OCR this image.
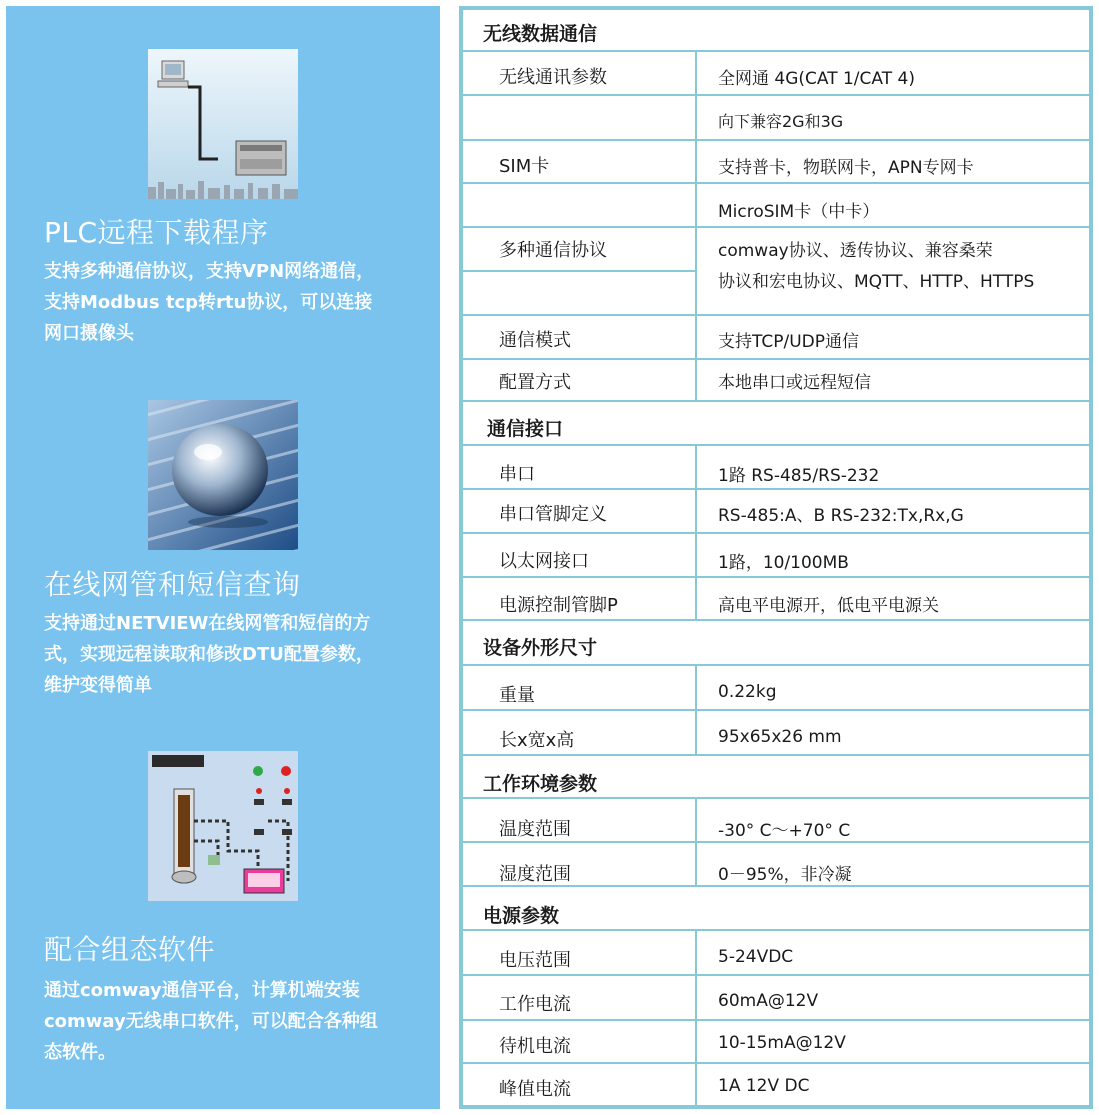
PLC远程下载程序

支持多种通信协议，支持VPN网络通信，支持Modbus tcp转rtu协议，可以连接网口摄像头

在线网管和短信查询

支持通过NETVIEW在线网管和短信的方式，实现远程读取和修改DTU配置参数，维护变得简单

配合组态软件

通过comway通信平台，计算机端安装comway无线串口软件，可以配合各种组态软件。

无线数据通信
无线通讯参数	全网通 4G(CAT 1/CAT 4)
向下兼容2G和3G
SIM卡	支持普卡，物联网卡，APN专网卡
MicroSIM卡（中卡）
多种通信协议	comway协议、透传协议、兼容桑荣
协议和宏电协议、MQTT、HTTP、HTTPS
通信模式	支持TCP/UDP通信
配置方式	本地串口或远程短信
通信接口
串口	1路 RS-485/RS-232
串口管脚定义	RS-485:A、B RS-232:Tx,Rx,G
以太网接口	1路，10/100MB
电源控制管脚P	高电平电源开，低电平电源关
设备外形尺寸
重量	0.22kg
长x宽x高	95x65x26 mm
工作环境参数
温度范围	-30° C～+70° C
湿度范围	0－95%，非冷凝
电源参数
电压范围	5-24VDC
工作电流	60mA@12V
待机电流	10-15mA@12V
峰值电流	1A 12V DC
